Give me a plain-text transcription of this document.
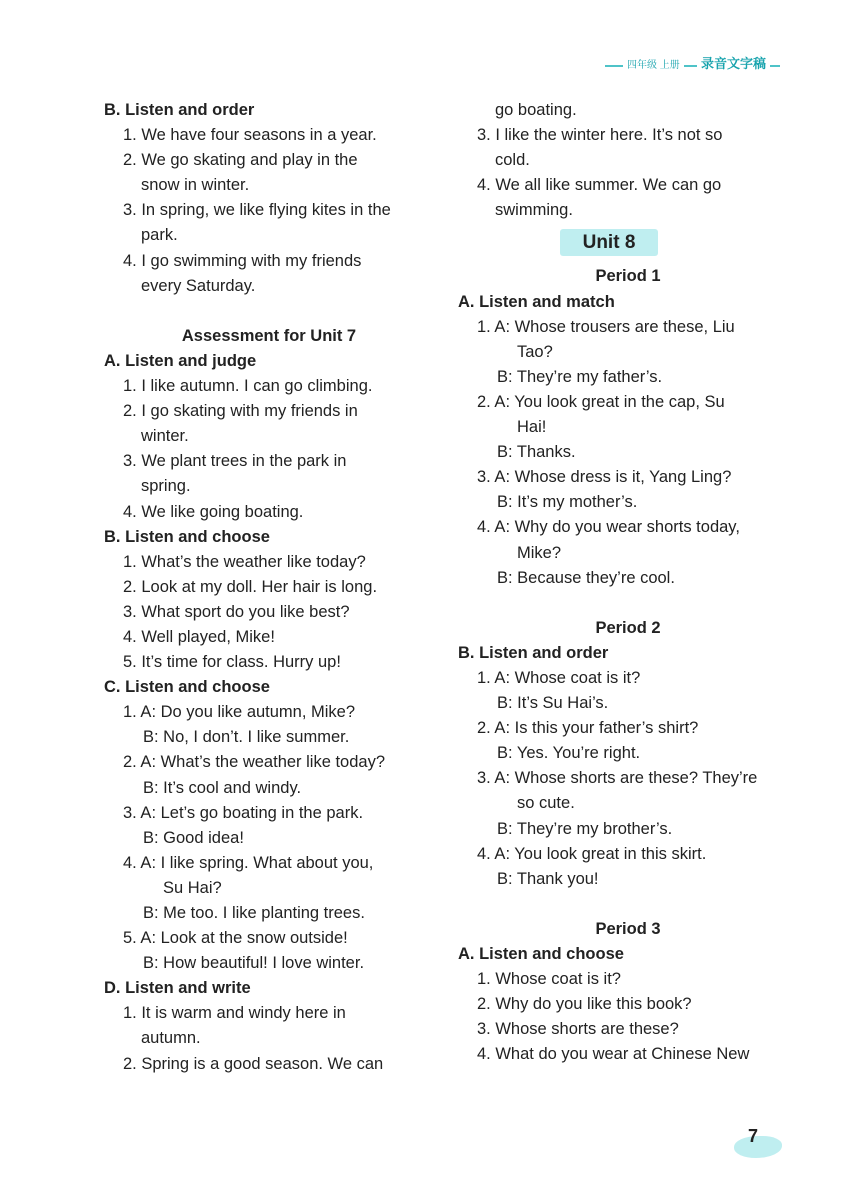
四年级 上册	录音文字稿
B. Listen and order
1. We have four seasons in a year.
2. We go skating and play in the
snow in winter.
3. In spring, we like flying kites in the
park.
4. I go swimming with my friends
every Saturday.
Assessment for Unit 7
A. Listen and judge
1. I like autumn. I can go climbing.
2. I go skating with my friends in
winter.
3. We plant trees in the park in
spring.
4. We like going boating.
B. Listen and choose
1. What’s the weather like today?
2. Look at my doll. Her hair is long.
3. What sport do you like best?
4. Well played, Mike!
5. It’s time for class. Hurry up!
C. Listen and choose
1. A: Do you like autumn, Mike?
B: No, I don’t. I like summer.
2. A: What’s the weather like today?
B: It’s cool and windy.
3. A: Let’s go boating in the park.
B: Good idea!
4. A: I like spring. What about you,
Su Hai?
B: Me too. I like planting trees.
5. A: Look at the snow outside!
B: How beautiful! I love winter.
D. Listen and write
1. It is warm and windy here in
autumn.
2. Spring is a good season. We can
go boating.
3. I like the winter here. It’s not so
cold.
4. We all like summer. We can go
swimming.
Unit 8
Period 1
A. Listen and match
1. A: Whose trousers are these, Liu
Tao?
B: They’re my father’s.
2. A: You look great in the cap, Su
Hai!
B: Thanks.
3. A: Whose dress is it, Yang Ling?
B: It’s my mother’s.
4. A: Why do you wear shorts today,
Mike?
B: Because they’re cool.
Period 2
B. Listen and order
1. A: Whose coat is it?
B: It’s Su Hai’s.
2. A: Is this your father’s shirt?
B: Yes. You’re right.
3. A: Whose shorts are these? They’re
so cute.
B: They’re my brother’s.
4. A: You look great in this skirt.
B: Thank you!
Period 3
A. Listen and choose
1. Whose coat is it?
2. Why do you like this book?
3. Whose shorts are these?
4. What do you wear at Chinese New
7
